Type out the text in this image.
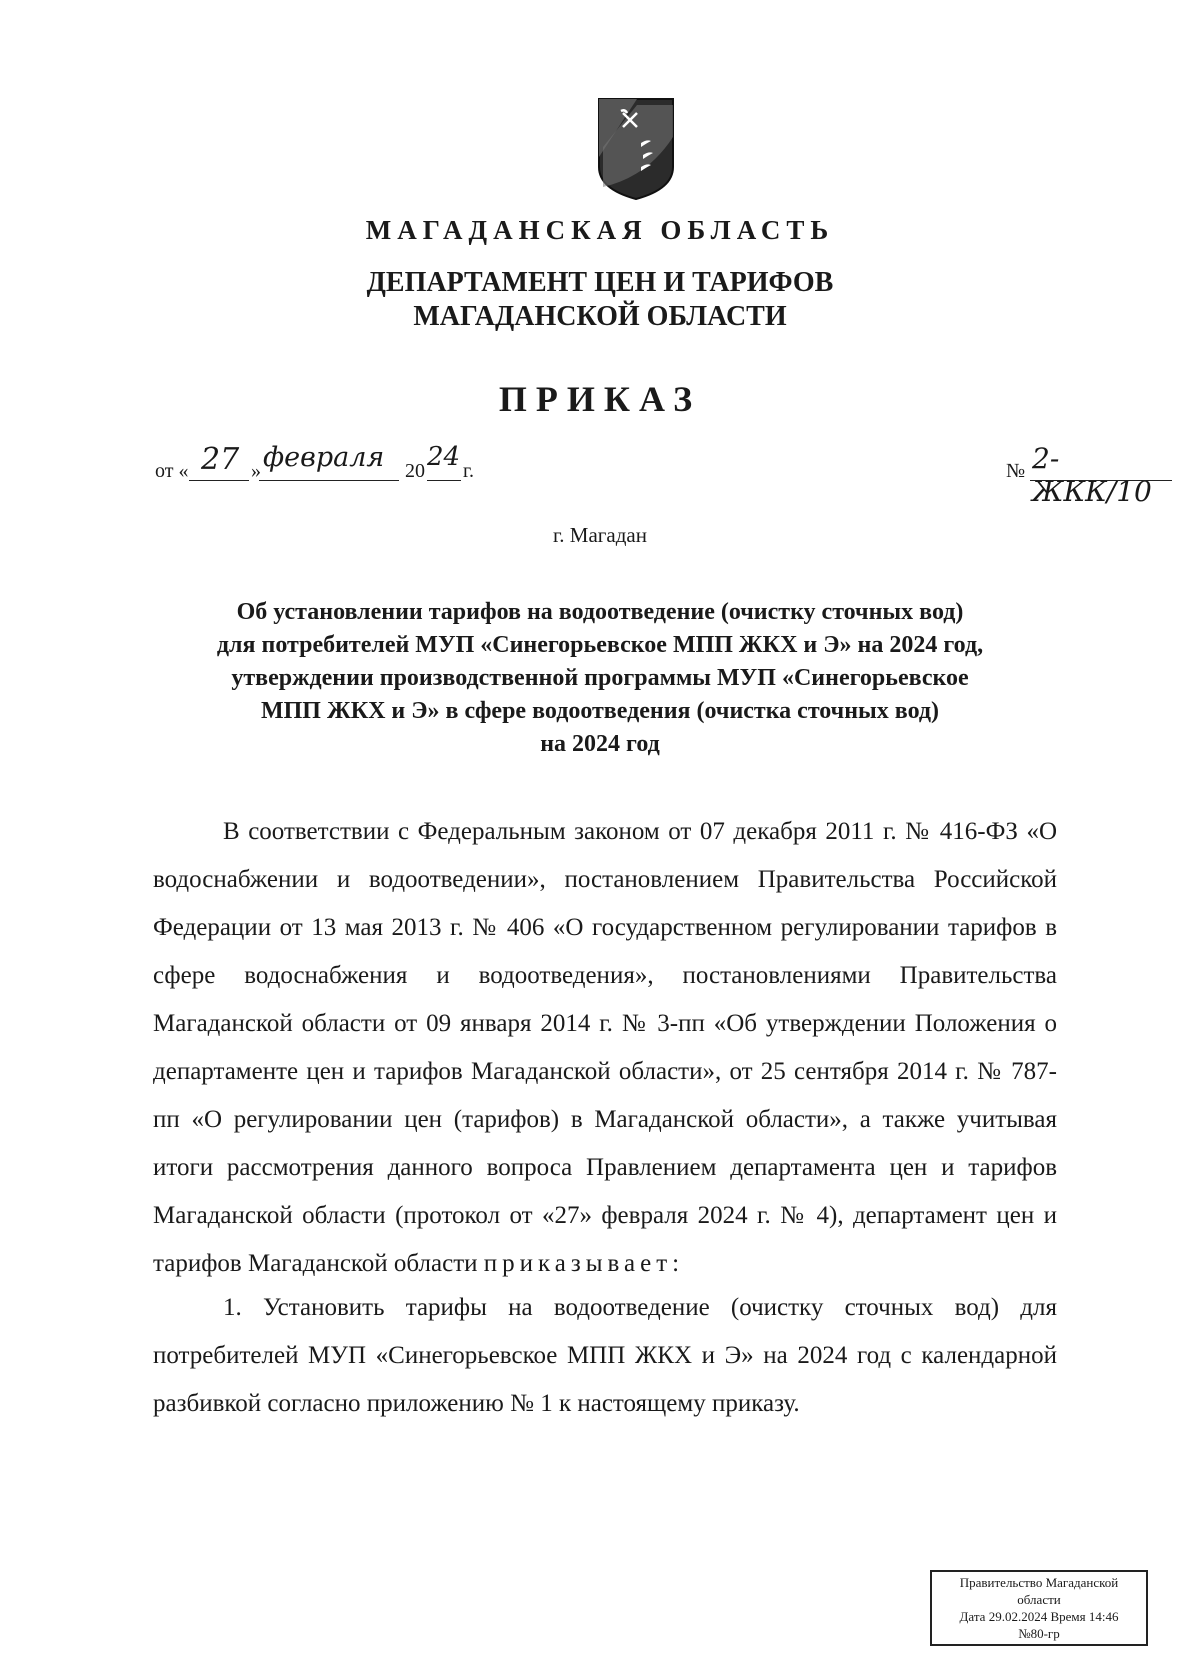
МАГАДАНСКАЯ ОБЛАСТЬ
ДЕПАРТАМЕНТ ЦЕН И ТАРИФОВ
МАГАДАНСКОЙ ОБЛАСТИ
ПРИКАЗ
от « 27 » февраля 20 24 г.	№ 2-ЖКК/10
г. Магадан
Об установлении тарифов на водоотведение (очистку сточных вод)
для потребителей МУП «Синегорьевское МПП ЖКХ и Э» на 2024 год,
утверждении производственной программы МУП «Синегорьевское
МПП ЖКХ и Э» в сфере водоотведения (очистка сточных вод)
на 2024 год

В соответствии с Федеральным законом от 07 декабря 2011 г. № 416-ФЗ «О водоснабжении и водоотведении», постановлением Правительства Российской Федерации от 13 мая 2013 г. № 406 «О государственном регулировании тарифов в сфере водоснабжения и водоотведения», постановлениями Правительства Магаданской области от 09 января 2014 г. № 3-пп «Об утверждении Положения о департаменте цен и тарифов Магаданской области», от 25 сентября 2014 г. № 787-пп «О регулировании цен (тарифов) в Магаданской области», а также учитывая итоги рассмотрения данного вопроса Правлением департамента цен и тарифов Магаданской области (протокол от «27» февраля 2024 г. № 4), департамент цен и тарифов Магаданской области приказывает:

1. Установить тарифы на водоотведение (очистку сточных вод) для потребителей МУП «Синегорьевское МПП ЖКХ и Э» на 2024 год с календарной разбивкой согласно приложению № 1 к настоящему приказу.

Правительство Магаданской
области
Дата 29.02.2024 Время 14:46
№80-гр
